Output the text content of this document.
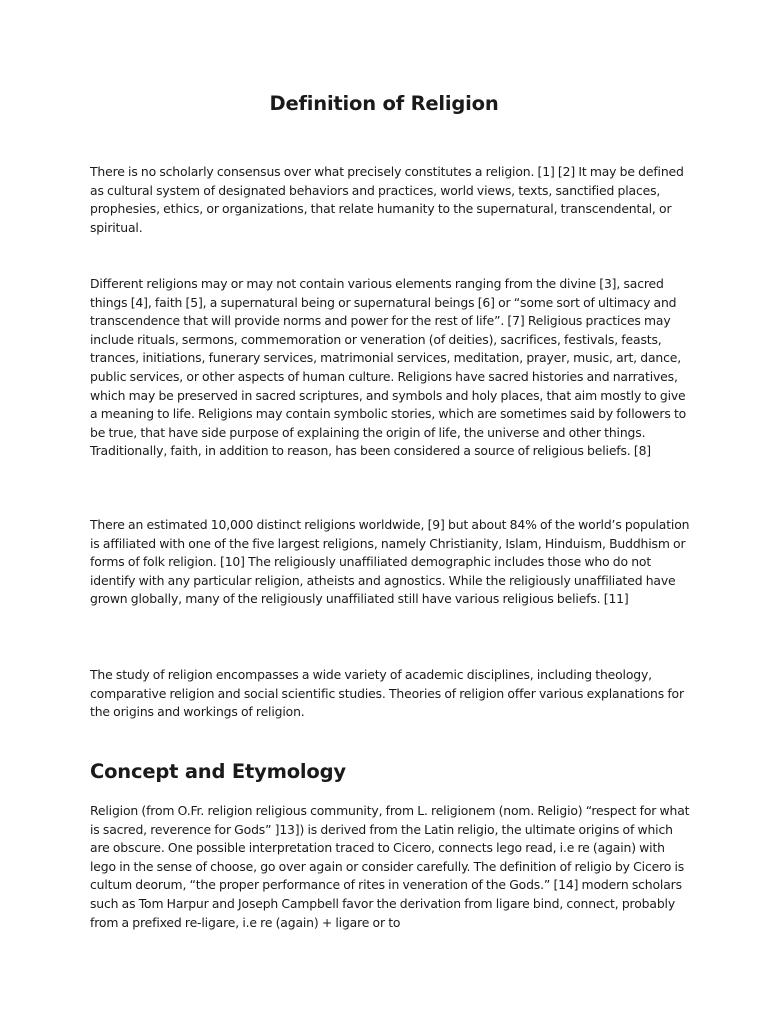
Definition of Religion

There is no scholarly consensus over what precisely constitutes a religion. [1] [2] It may be defined as cultural system of designated behaviors and practices, world views, texts, sanctified places, prophesies, ethics, or organizations, that relate humanity to the supernatural, transcendental, or spiritual.

Different religions may or may not contain various elements ranging from the divine [3], sacred things [4], faith [5], a supernatural being or supernatural beings [6] or “some sort of ultimacy and transcendence that will provide norms and power for the rest of life”. [7] Religious practices may include rituals, sermons, commemoration or veneration (of deities), sacrifices, festivals, feasts, trances, initiations, funerary services, matrimonial services, meditation, prayer, music, art, dance, public services, or other aspects of human culture. Religions have sacred histories and narratives, which may be preserved in sacred scriptures, and symbols and holy places, that aim mostly to give a meaning to life. Religions may contain symbolic stories, which are sometimes said by followers to be true, that have side purpose of explaining the origin of life, the universe and other things. Traditionally, faith, in addition to reason, has been considered a source of religious beliefs. [8]

There an estimated 10,000 distinct religions worldwide, [9] but about 84% of the world’s population is affiliated with one of the five largest religions, namely Christianity, Islam, Hinduism, Buddhism or forms of folk religion. [10] The religiously unaffiliated demographic includes those who do not identify with any particular religion, atheists and agnostics. While the religiously unaffiliated have grown globally, many of the religiously unaffiliated still have various religious beliefs. [11]

The study of religion encompasses a wide variety of academic disciplines, including theology, comparative religion and social scientific studies. Theories of religion offer various explanations for the origins and workings of religion.

Concept and Etymology

Religion (from O.Fr. religion religious community, from L. religionem (nom. Religio) “respect for what is sacred, reverence for Gods” ]13]) is derived from the Latin religio, the ultimate origins of which are obscure. One possible interpretation traced to Cicero, connects lego read, i.e re (again) with lego in the sense of choose, go over again or consider carefully. The definition of religio by Cicero is cultum deorum, “the proper performance of rites in veneration of the Gods.” [14] modern scholars such as Tom Harpur and Joseph Campbell favor the derivation from ligare bind, connect, probably from a prefixed re-ligare, i.e re (again) + ligare or to
